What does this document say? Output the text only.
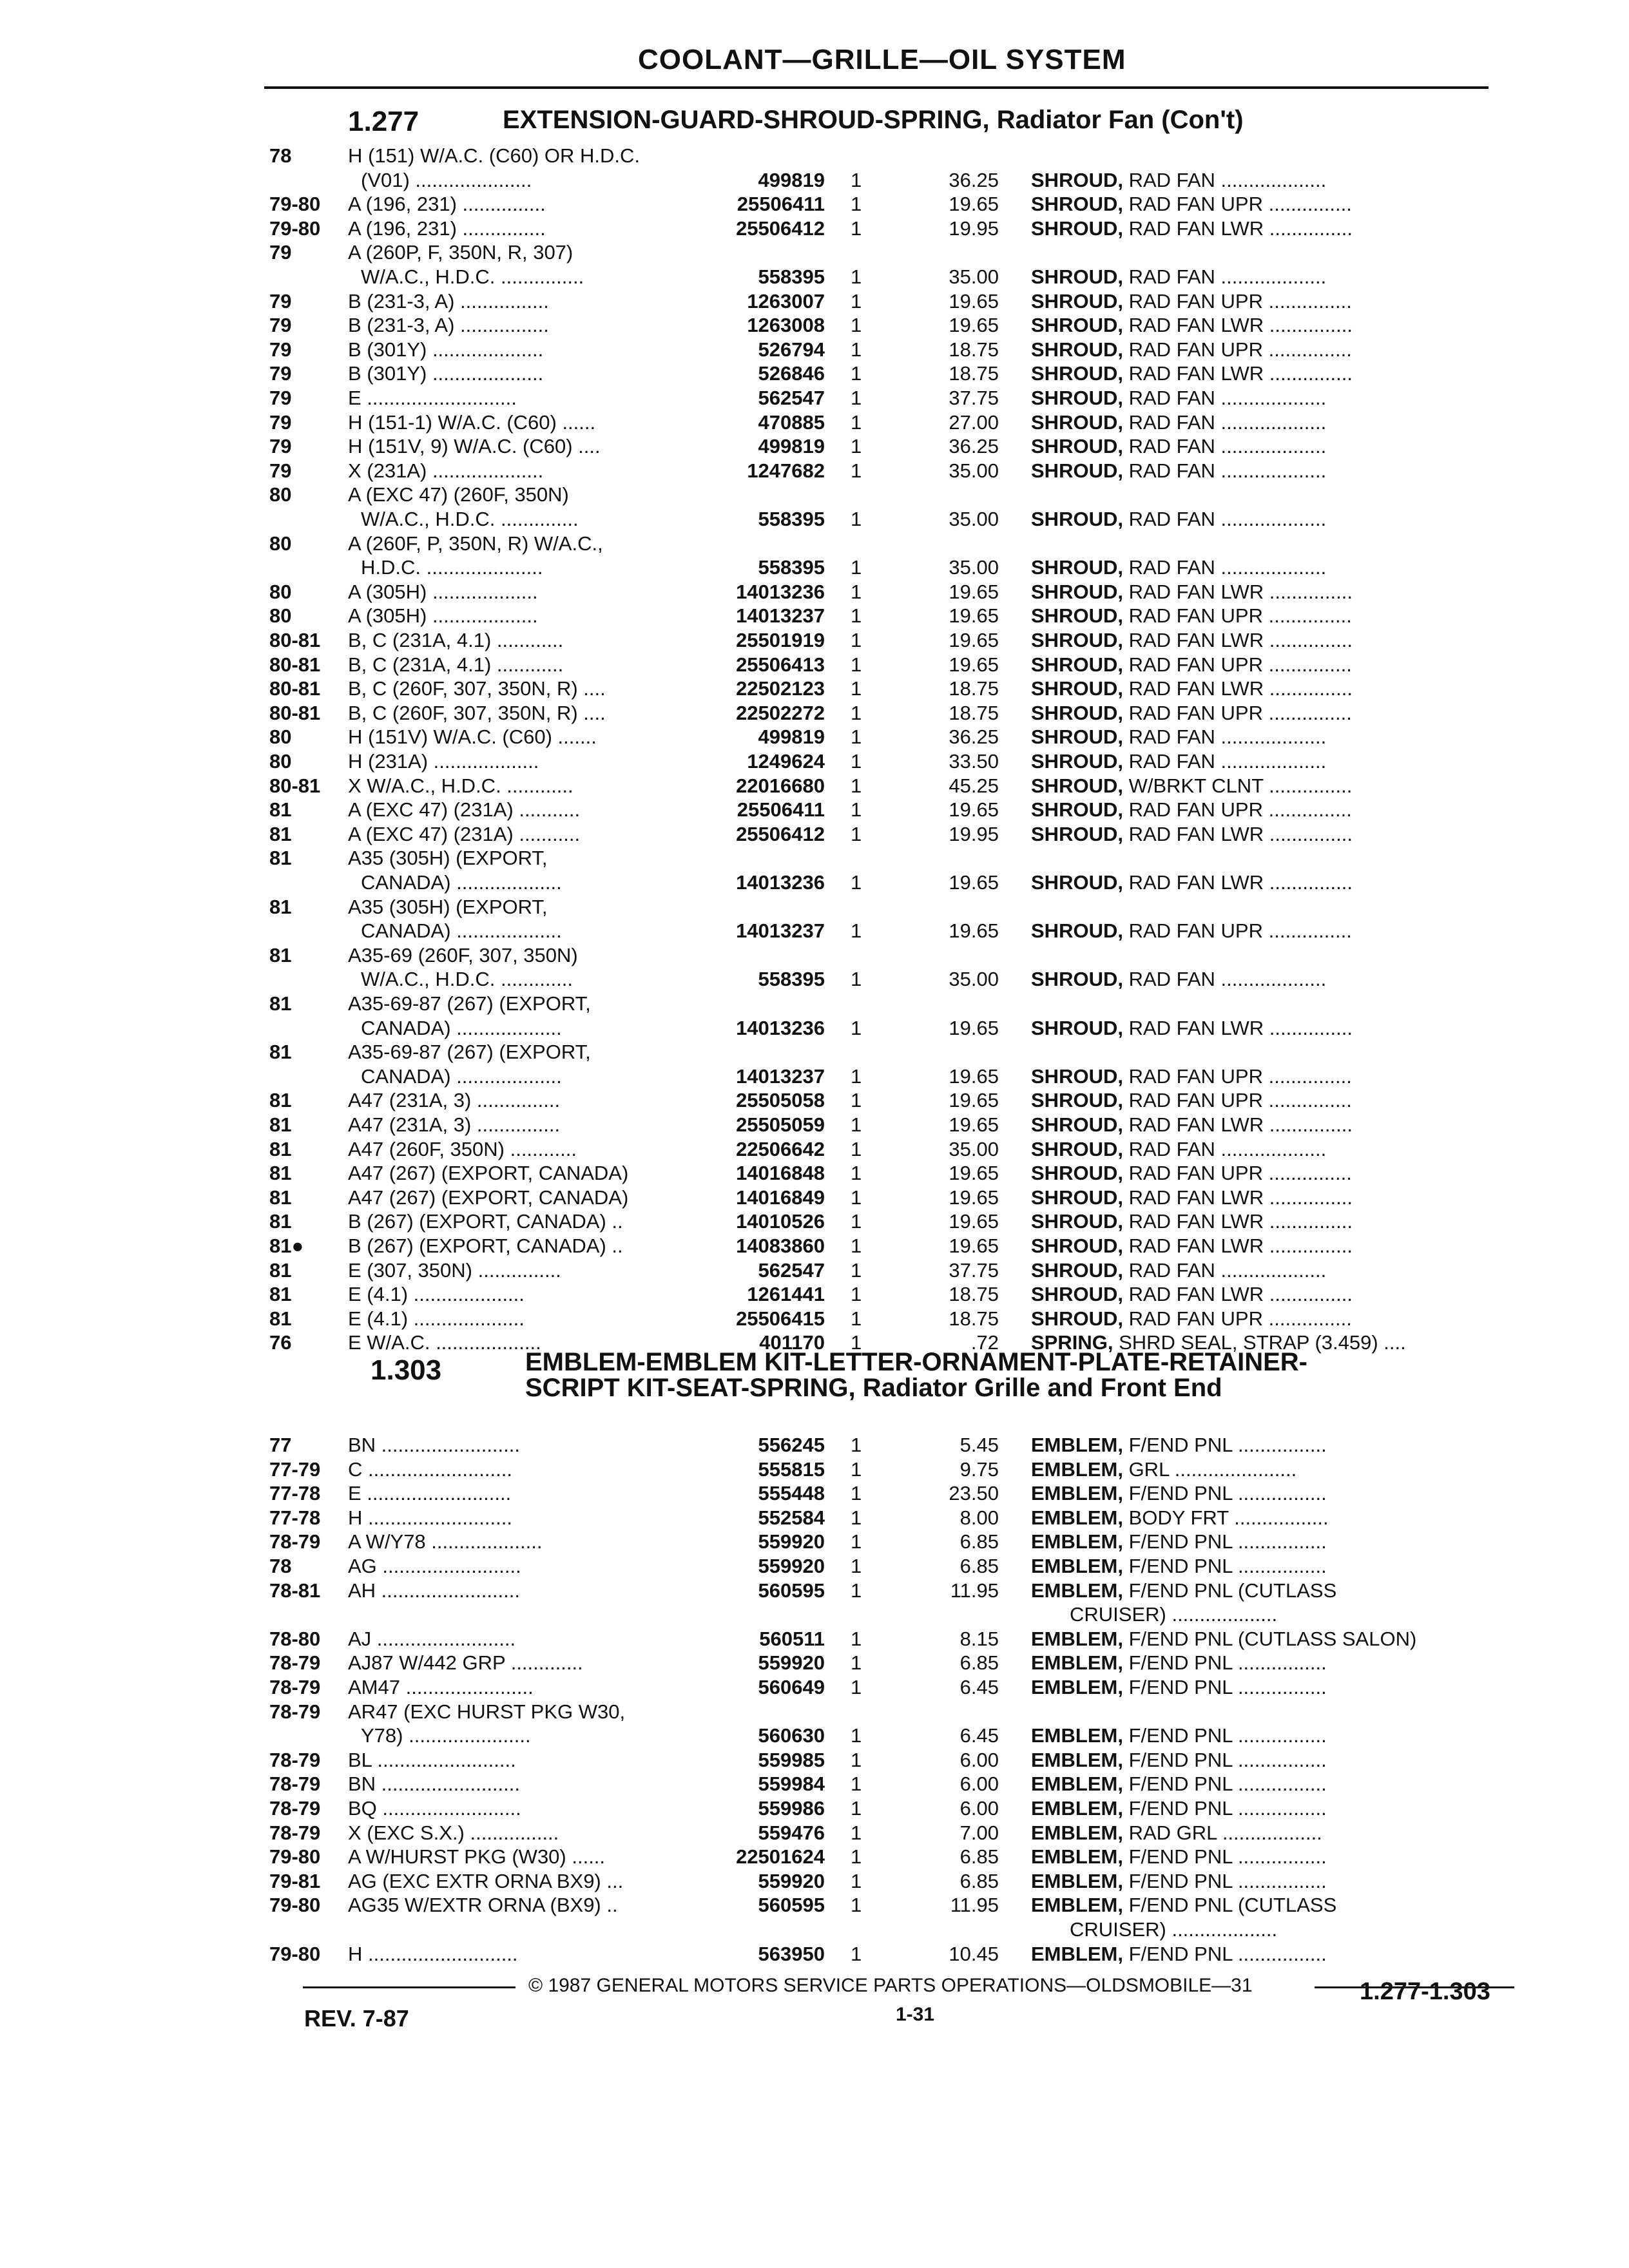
COOLANT—GRILLE—OIL SYSTEM
1.277	EXTENSION-GUARD-SHROUD-SPRING, Radiator Fan (Con't)
78	H (151) W/A.C. (C60) OR H.D.C.
(V01) .....................	499819 1	36.25 SHROUD, RAD FAN ...................
79-80 A (196, 231) ...............	25506411 1	19.65 SHROUD, RAD FAN UPR ...............
79-80 A (196, 231) ...............	25506412 1	19.95 SHROUD, RAD FAN LWR ...............
79	A (260P, F, 350N, R, 307)
W/A.C., H.D.C. ...............	558395 1	35.00 SHROUD, RAD FAN ...................
79	B (231-3, A) ................	1263007 1	19.65 SHROUD, RAD FAN UPR ...............
79	B (231-3, A) ................	1263008 1	19.65 SHROUD, RAD FAN LWR ...............
79	B (301Y) ....................	526794 1	18.75 SHROUD, RAD FAN UPR ...............
79	B (301Y) ....................	526846 1	18.75 SHROUD, RAD FAN LWR ...............
79	E ...........................	562547 1	37.75 SHROUD, RAD FAN ...................
79	H (151-1) W/A.C. (C60) ......	470885 1	27.00 SHROUD, RAD FAN ...................
79	H (151V, 9) W/A.C. (C60) ....	499819 1	36.25 SHROUD, RAD FAN ...................
79	X (231A) ....................	1247682 1	35.00 SHROUD, RAD FAN ...................
80	A (EXC 47) (260F, 350N)
W/A.C., H.D.C. ..............	558395 1	35.00 SHROUD, RAD FAN ...................
80	A (260F, P, 350N, R) W/A.C.,
H.D.C. .....................	558395 1	35.00 SHROUD, RAD FAN ...................
80	A (305H) ...................	14013236 1	19.65 SHROUD, RAD FAN LWR ...............
80	A (305H) ...................	14013237 1	19.65 SHROUD, RAD FAN UPR ...............
80-81 B, C (231A, 4.1) ............	25501919 1	19.65 SHROUD, RAD FAN LWR ...............
80-81 B, C (231A, 4.1) ............	25506413 1	19.65 SHROUD, RAD FAN UPR ...............
80-81 B, C (260F, 307, 350N, R) ....	22502123 1	18.75 SHROUD, RAD FAN LWR ...............
80-81 B, C (260F, 307, 350N, R) ....	22502272 1	18.75 SHROUD, RAD FAN UPR ...............
80	H (151V) W/A.C. (C60) .......	499819 1	36.25 SHROUD, RAD FAN ...................
80	H (231A) ...................	1249624 1	33.50 SHROUD, RAD FAN ...................
80-81 X W/A.C., H.D.C. ............	22016680 1	45.25 SHROUD, W/BRKT CLNT ...............
81	A (EXC 47) (231A) ...........	25506411 1	19.65 SHROUD, RAD FAN UPR ...............
81	A (EXC 47) (231A) ...........	25506412 1	19.95 SHROUD, RAD FAN LWR ...............
81	A35 (305H) (EXPORT,
CANADA) ...................	14013236 1	19.65 SHROUD, RAD FAN LWR ...............
81	A35 (305H) (EXPORT,
CANADA) ...................	14013237 1	19.65 SHROUD, RAD FAN UPR ...............
81	A35-69 (260F, 307, 350N)
W/A.C., H.D.C. .............	558395 1	35.00 SHROUD, RAD FAN ...................
81	A35-69-87 (267) (EXPORT,
CANADA) ...................	14013236 1	19.65 SHROUD, RAD FAN LWR ...............
81	A35-69-87 (267) (EXPORT,
CANADA) ...................	14013237 1	19.65 SHROUD, RAD FAN UPR ...............
81	A47 (231A, 3) ...............	25505058 1	19.65 SHROUD, RAD FAN UPR ...............
81	A47 (231A, 3) ...............	25505059 1	19.65 SHROUD, RAD FAN LWR ...............
81	A47 (260F, 350N) ............	22506642 1	35.00 SHROUD, RAD FAN ...................
81	A47 (267) (EXPORT, CANADA)	14016848 1	19.65 SHROUD, RAD FAN UPR ...............
81	A47 (267) (EXPORT, CANADA)	14016849 1	19.65 SHROUD, RAD FAN LWR ...............
81	B (267) (EXPORT, CANADA) ..	14010526 1	19.65 SHROUD, RAD FAN LWR ...............
81● B (267) (EXPORT, CANADA) ..	14083860 1	19.65 SHROUD, RAD FAN LWR ...............
81	E (307, 350N) ...............	562547 1	37.75 SHROUD, RAD FAN ...................
81	E (4.1) ....................	1261441 1	18.75 SHROUD, RAD FAN LWR ...............
81	E (4.1) ....................	25506415 1	18.75 SHROUD, RAD FAN UPR ...............
76	E W/A.C. ...................	401170 1	.72 SPRING, SHRD SEAL, STRAP (3.459) ....
1.303	EMBLEM-EMBLEM KIT-LETTER-ORNAMENT-PLATE-RETAINER-
SCRIPT KIT-SEAT-SPRING, Radiator Grille and Front End
77	BN .........................	556245 1	5.45 EMBLEM, F/END PNL ................
77-79 C ..........................	555815 1	9.75 EMBLEM, GRL ......................
77-78 E ..........................	555448 1	23.50 EMBLEM, F/END PNL ................
77-78 H ..........................	552584 1	8.00 EMBLEM, BODY FRT .................
78-79 A W/Y78 ....................	559920 1	6.85 EMBLEM, F/END PNL ................
78	AG .........................	559920 1	6.85 EMBLEM, F/END PNL ................
78-81 AH .........................	560595 1	11.95 EMBLEM, F/END PNL (CUTLASS
CRUISER) ...................
78-80 AJ .........................	560511 1	8.15 EMBLEM, F/END PNL (CUTLASS SALON)
78-79 AJ87 W/442 GRP .............	559920 1	6.85 EMBLEM, F/END PNL ................
78-79 AM47 .......................	560649 1	6.45 EMBLEM, F/END PNL ................
78-79 AR47 (EXC HURST PKG W30,
Y78) ......................	560630 1	6.45 EMBLEM, F/END PNL ................
78-79 BL .........................	559985 1	6.00 EMBLEM, F/END PNL ................
78-79 BN .........................	559984 1	6.00 EMBLEM, F/END PNL ................
78-79 BQ .........................	559986 1	6.00 EMBLEM, F/END PNL ................
78-79 X (EXC S.X.) ................	559476 1	7.00 EMBLEM, RAD GRL ..................
79-80 A W/HURST PKG (W30) ......	22501624 1	6.85 EMBLEM, F/END PNL ................
79-81 AG (EXC EXTR ORNA BX9) ...	559920 1	6.85 EMBLEM, F/END PNL ................
79-80 AG35 W/EXTR ORNA (BX9) ..	560595 1	11.95 EMBLEM, F/END PNL (CUTLASS
CRUISER) ...................
79-80 H ...........................	563950 1	10.45 EMBLEM, F/END PNL ................
© 1987 GENERAL MOTORS SERVICE PARTS OPERATIONS—OLDSMOBILE—31
1-31
REV. 7-87
1.277-1.303
